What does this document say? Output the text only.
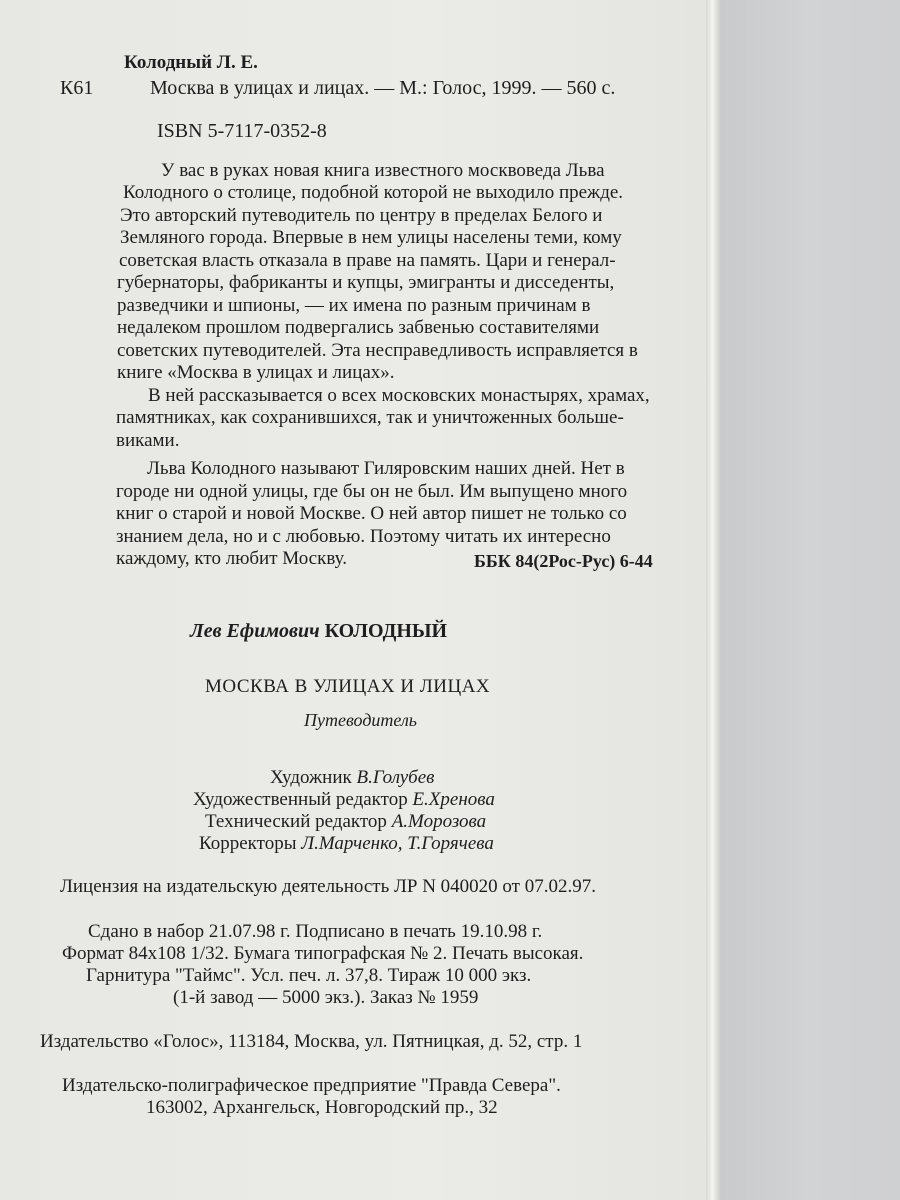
Колодный Л. Е.
К61	Москва в улицах и лицах. — М.: Голос, 1999. — 560 с.
ISBN 5-7117-0352-8
У вас в руках новая книга известного москвоведа Льва
Колодного о столице, подобной которой не выходило прежде.
Это авторский путеводитель по центру в пределах Белого и
Земляного города. Впервые в нем улицы населены теми, кому
советская власть отказала в праве на память. Цари и генерал-
губернаторы, фабриканты и купцы, эмигранты и дисседенты,
разведчики и шпионы, — их имена по разным причинам в
недалеком прошлом подвергались забвенью составителями
советских путеводителей. Эта несправедливость исправляется в
книге «Москва в улицах и лицах».
В ней рассказывается о всех московских монастырях, храмах,
памятниках, как сохранившихся, так и уничтоженных больше-
виками.
Льва Колодного называют Гиляровским наших дней. Нет в
городе ни одной улицы, где бы он не был. Им выпущено много
книг о старой и новой Москве. О ней автор пишет не только со
знанием дела, но и с любовью. Поэтому читать их интересно
каждому, кто любит Москву.	ББК 84(2Рос-Рус) 6-44
Лев Ефимович КОЛОДНЫЙ
МОСКВА В УЛИЦАХ И ЛИЦАХ
Путеводитель
Художник В.Голубев
Художественный редактор Е.Хренова
Технический редактор А.Морозова
Корректоры Л.Марченко, Т.Горячева
Лицензия на издательскую деятельность ЛР N 040020 от 07.02.97.
Сдано в набор 21.07.98 г. Подписано в печать 19.10.98 г.
Формат 84х108 1/32. Бумага типографская № 2. Печать высокая.
Гарнитура "Таймс". Усл. печ. л. 37,8. Тираж 10 000 экз.
(1-й завод — 5000 экз.). Заказ № 1959
Издательство «Голос», 113184, Москва, ул. Пятницкая, д. 52, стр. 1
Издательско-полиграфическое предприятие "Правда Севера".
163002, Архангельск, Новгородский пр., 32
